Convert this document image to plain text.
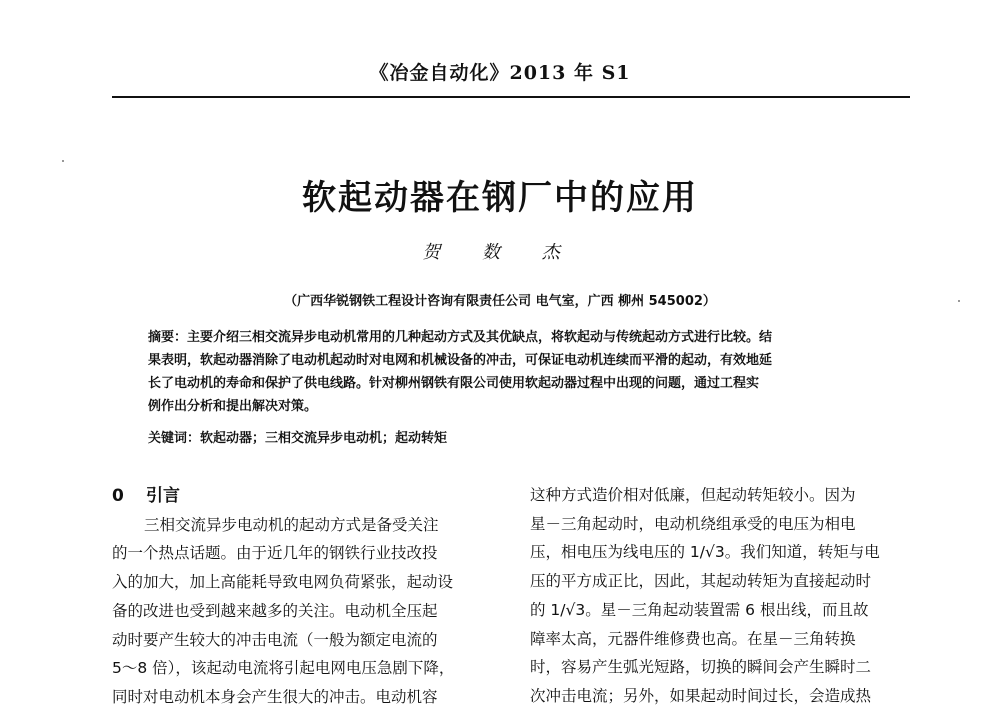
《冶金自动化》2013 年 S1
软起动器在钢厂中的应用
贺 数 杰
（广西华锐钢铁工程设计咨询有限责任公司 电气室，广西 柳州 545002）
摘要：主要介绍三相交流异步电动机常用的几种起动方式及其优缺点，将软起动与传统起动方式进行比较。结
果表明，软起动器消除了电动机起动时对电网和机械设备的冲击，可保证电动机连续而平滑的起动，有效地延
长了电动机的寿命和保护了供电线路。针对柳州钢铁有限公司使用软起动器过程中出现的问题，通过工程实
例作出分析和提出解决对策。
关键词：软起动器；三相交流异步电动机；起动转矩
0 引言
三相交流异步电动机的起动方式是备受关注
的一个热点话题。由于近几年的钢铁行业技改投
入的加大，加上高能耗导致电网负荷紧张，起动设
备的改进也受到越来越多的关注。电动机全压起
动时要产生较大的冲击电流（一般为额定电流的
5～8 倍），该起动电流将引起电网电压急剧下降，
同时对电动机本身会产生很大的冲击。电动机容
这种方式造价相对低廉，但起动转矩较小。因为
星－三角起动时，电动机绕组承受的电压为相电
压，相电压为线电压的 1/√3。我们知道，转矩与电
压的平方成正比，因此，其起动转矩为直接起动时
的 1/√3。星－三角起动装置需 6 根出线，而且故
障率太高，元器件维修费也高。在星－三角转换
时，容易产生弧光短路，切换的瞬间会产生瞬时二
次冲击电流；另外，如果起动时间过长，会造成热
